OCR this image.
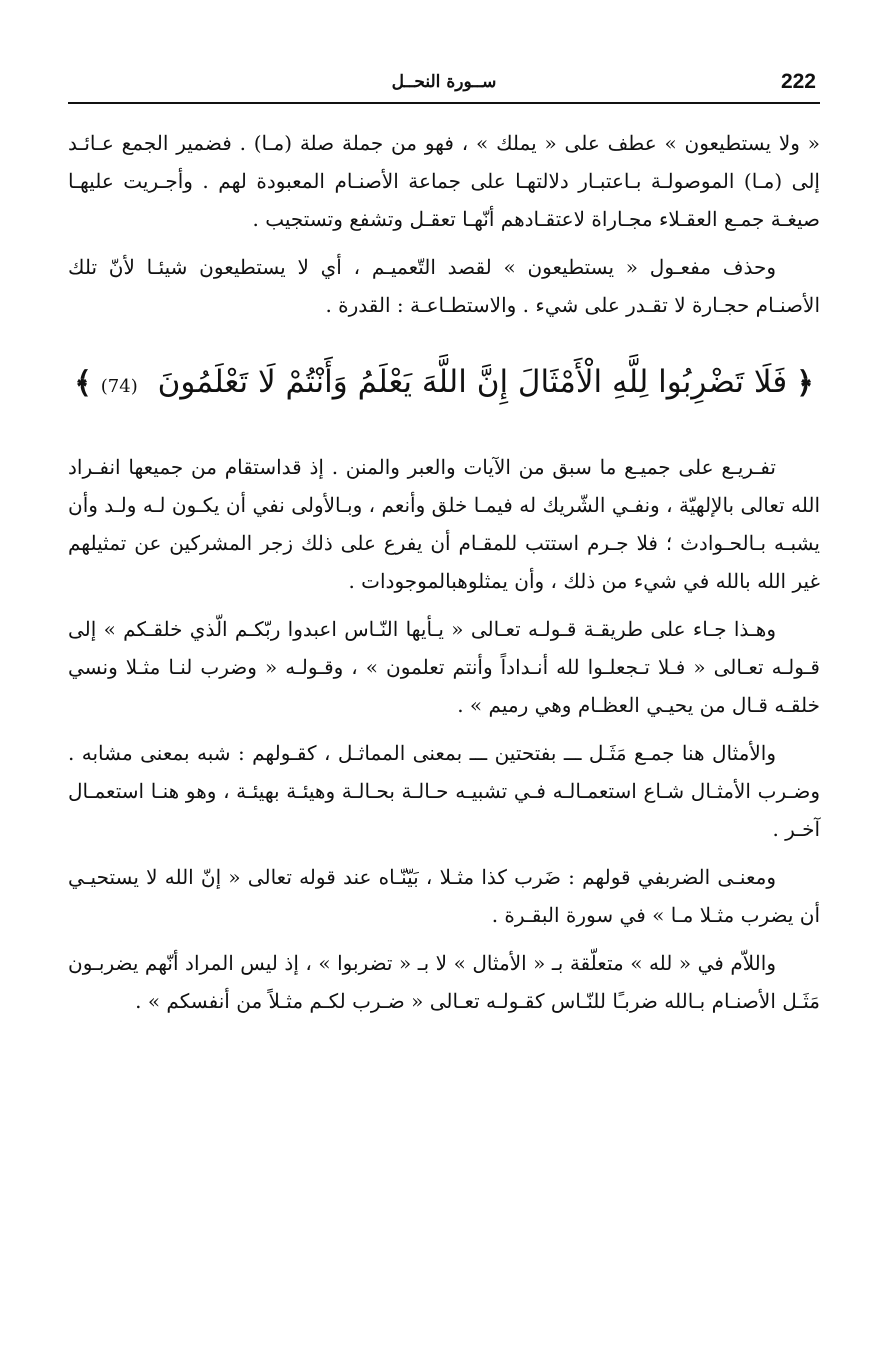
222
ســورة النحــل

« ولا يستطيعون » عطف على « يملك » ، فهو من جملة صلة (مـا) . فضمير الجمع عـائـد إلى (مـا) الموصولـة بـاعتبـار دلالتهـا على جماعة الأصنـام المعبودة لهم . وأجـريت عليهـا صيغـة جمـع العقـلاء مجـاراة لاعتقـادهم أنّهـا تعقـل وتشفع وتستجيب .

وحذف مفعـول « يستطيعون » لقصد التّعميـم ، أي لا يستطيعون شيئـا لأنّ تلك الأصنـام حجـارة لا تقـدر على شيء . والاستطـاعـة : القدرة .

﴿
فَلَا تَضْرِبُوا لِلَّهِ الْأَمْثَالَ إِنَّ اللَّهَ يَعْلَمُ وَأَنْتُمْ لَا تَعْلَمُونَ (74)
﴾

تفـريـع على جميـع ما سبق من الآيات والعبر والمنن . إذ قداستقام من جميعها انفـراد الله تعالى بالإلهيّة ، ونفـي الشّريك له فيمـا خلق وأنعم ، وبـالأولى نفي أن يكـون لـه ولـد وأن يشبـه بـالحـوادث ؛ فلا جـرم استتب للمقـام أن يفرع على ذلك زجر المشركين عن تمثيلهم غير الله بالله في شيء من ذلك ، وأن يمثلوهبالموجودات .

وهـذا جـاء على طريقـة قـولـه تعـالى « يـأيها النّـاس اعبدوا ربّكـم الّذي خلقـكم » إلى قـولـه تعـالى « فـلا تـجعلـوا لله أنـداداً وأنتم تعلمون » ، وقـولـه « وضرب لنـا مثـلا ونسي خلقـه قـال من يحيـي العظـام وهي رميم » .

والأمثال هنا جمـع مَثَـل ـــ بفتحتين ـــ بمعنى المماثـل ، كقـولهم : شبه بمعنى مشابه . وضـرب الأمثـال شـاع استعمـالـه فـي تشبيـه حـالـة بحـالـة وهيئـة بهيئـة ، وهو هنـا استعمـال آخـر .

ومعنـى الضربفي قولهم : ضَرب كذا مثـلا ، بَيّنّـاه عند قوله تعالى « إنّ الله لا يستحيـي أن يضرب مثـلا مـا » في سورة البقـرة .

واللاّم في « لله » متعلّقة بـ « الأمثال » لا بـ « تضربوا » ، إذ ليس المراد أنّهم يضربـون مَثَـل الأصنـام بـالله ضربـًا للنّـاس كقـولـه تعـالى « ضـرب لكـم مثـلاً من أنفسكم » .
